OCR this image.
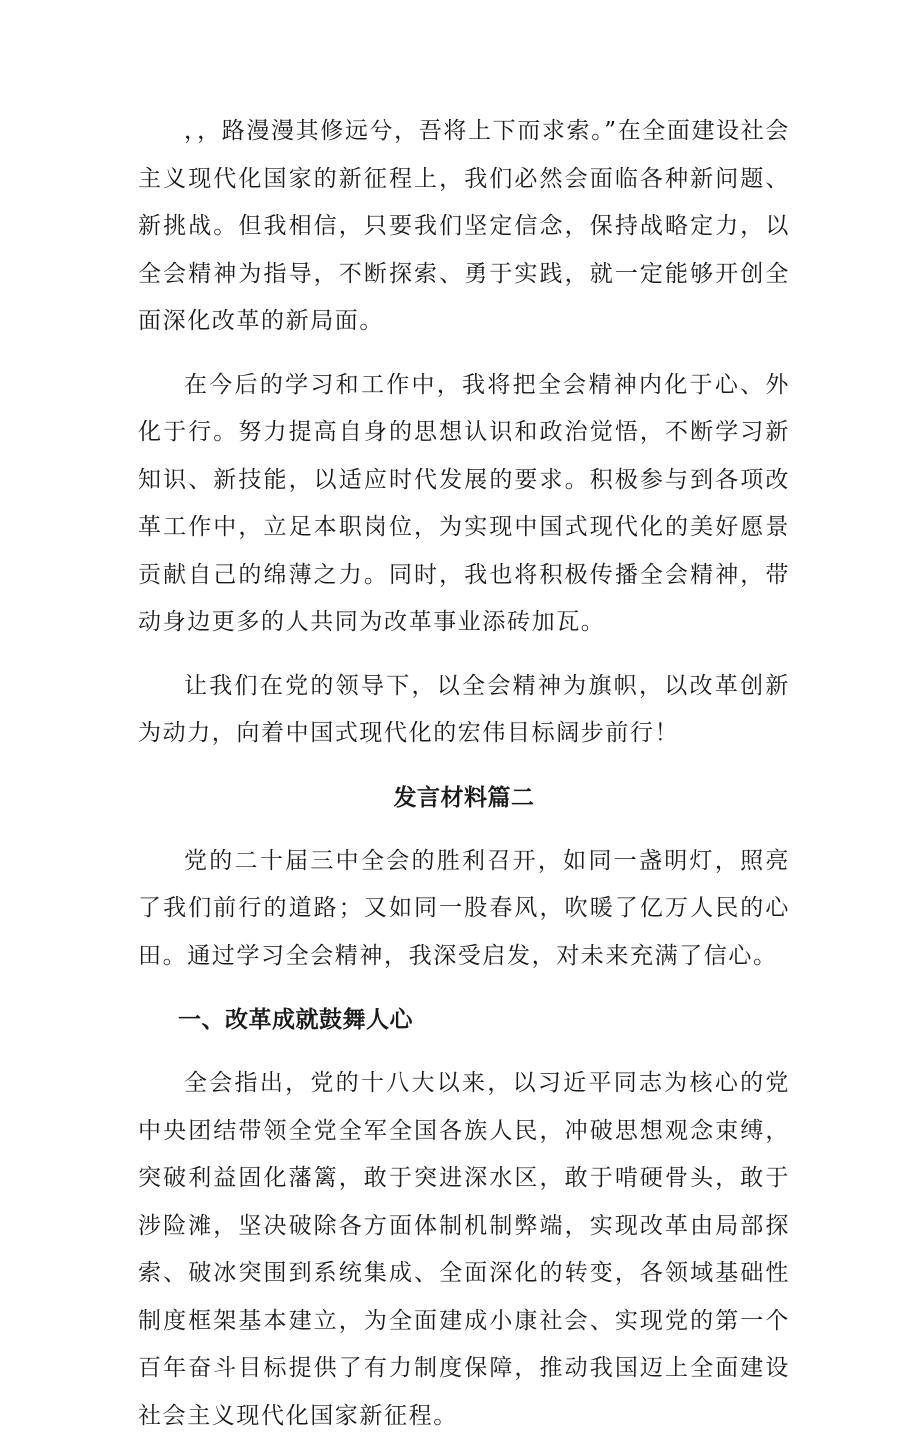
，，路漫漫其修远兮，吾将上下而求索。”在全面建设社会主义现代化国家的新征程上，我们必然会面临各种新问题、新挑战。但我相信，只要我们坚定信念，保持战略定力，以全会精神为指导，不断探索、勇于实践，就一定能够开创全面深化改革的新局面。

在今后的学习和工作中，我将把全会精神内化于心、外化于行。努力提高自身的思想认识和政治觉悟，不断学习新知识、新技能，以适应时代发展的要求。积极参与到各项改革工作中，立足本职岗位，为实现中国式现代化的美好愿景贡献自己的绵薄之力。同时，我也将积极传播全会精神，带动身边更多的人共同为改革事业添砖加瓦。

让我们在党的领导下，以全会精神为旗帜，以改革创新为动力，向着中国式现代化的宏伟目标阔步前行！

发言材料篇二

党的二十届三中全会的胜利召开，如同一盏明灯，照亮了我们前行的道路；又如同一股春风，吹暖了亿万人民的心田。通过学习全会精神，我深受启发，对未来充满了信心。

一、改革成就鼓舞人心

全会指出，党的十八大以来，以习近平同志为核心的党中央团结带领全党全军全国各族人民，冲破思想观念束缚，突破利益固化藩篱，敢于突进深水区，敢于啃硬骨头，敢于涉险滩，坚决破除各方面体制机制弊端，实现改革由局部探索、破冰突围到系统集成、全面深化的转变，各领域基础性制度框架基本建立，为全面建成小康社会、实现党的第一个百年奋斗目标提供了有力制度保障，推动我国迈上全面建设社会主义现代化国家新征程。
